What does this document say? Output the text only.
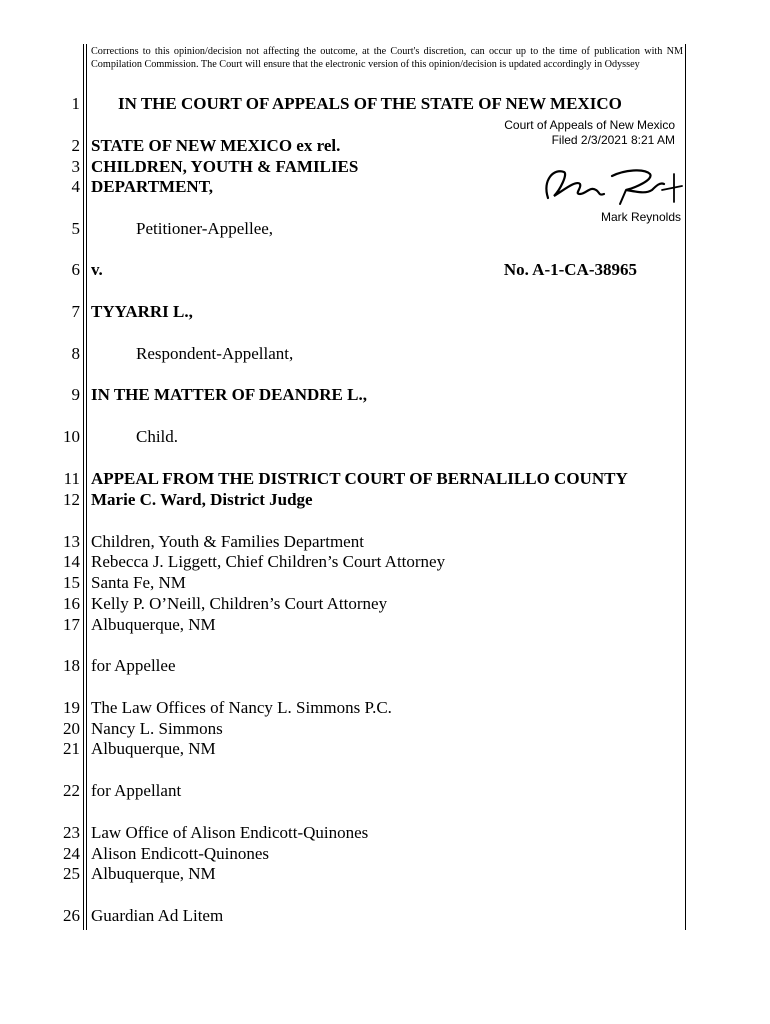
Corrections to this opinion/decision not affecting the outcome, at the Court's discretion, can occur up to the time of publication with NM Compilation Commission. The Court will ensure that the electronic version of this opinion/decision is updated accordingly in Odyssey
Court of Appeals of New Mexico
Filed 2/3/2021 8:21 AM
Mark Reynolds
1 IN THE COURT OF APPEALS OF THE STATE OF NEW MEXICO
2 STATE OF NEW MEXICO ex rel.
3 CHILDREN, YOUTH & FAMILIES
4 DEPARTMENT,
5	Petitioner-Appellee,
6 v.	No. A-1-CA-38965
7 TYYARRI L.,
8	Respondent-Appellant,
9 IN THE MATTER OF DEANDRE L.,
10	Child.
11 APPEAL FROM THE DISTRICT COURT OF BERNALILLO COUNTY
12 Marie C. Ward, District Judge
13 Children, Youth & Families Department
14 Rebecca J. Liggett, Chief Children’s Court Attorney
15 Santa Fe, NM
16 Kelly P. O’Neill, Children’s Court Attorney
17 Albuquerque, NM
18 for Appellee
19 The Law Offices of Nancy L. Simmons P.C.
20 Nancy L. Simmons
21 Albuquerque, NM
22 for Appellant
23 Law Office of Alison Endicott-Quinones
24 Alison Endicott-Quinones
25 Albuquerque, NM
26 Guardian Ad Litem
